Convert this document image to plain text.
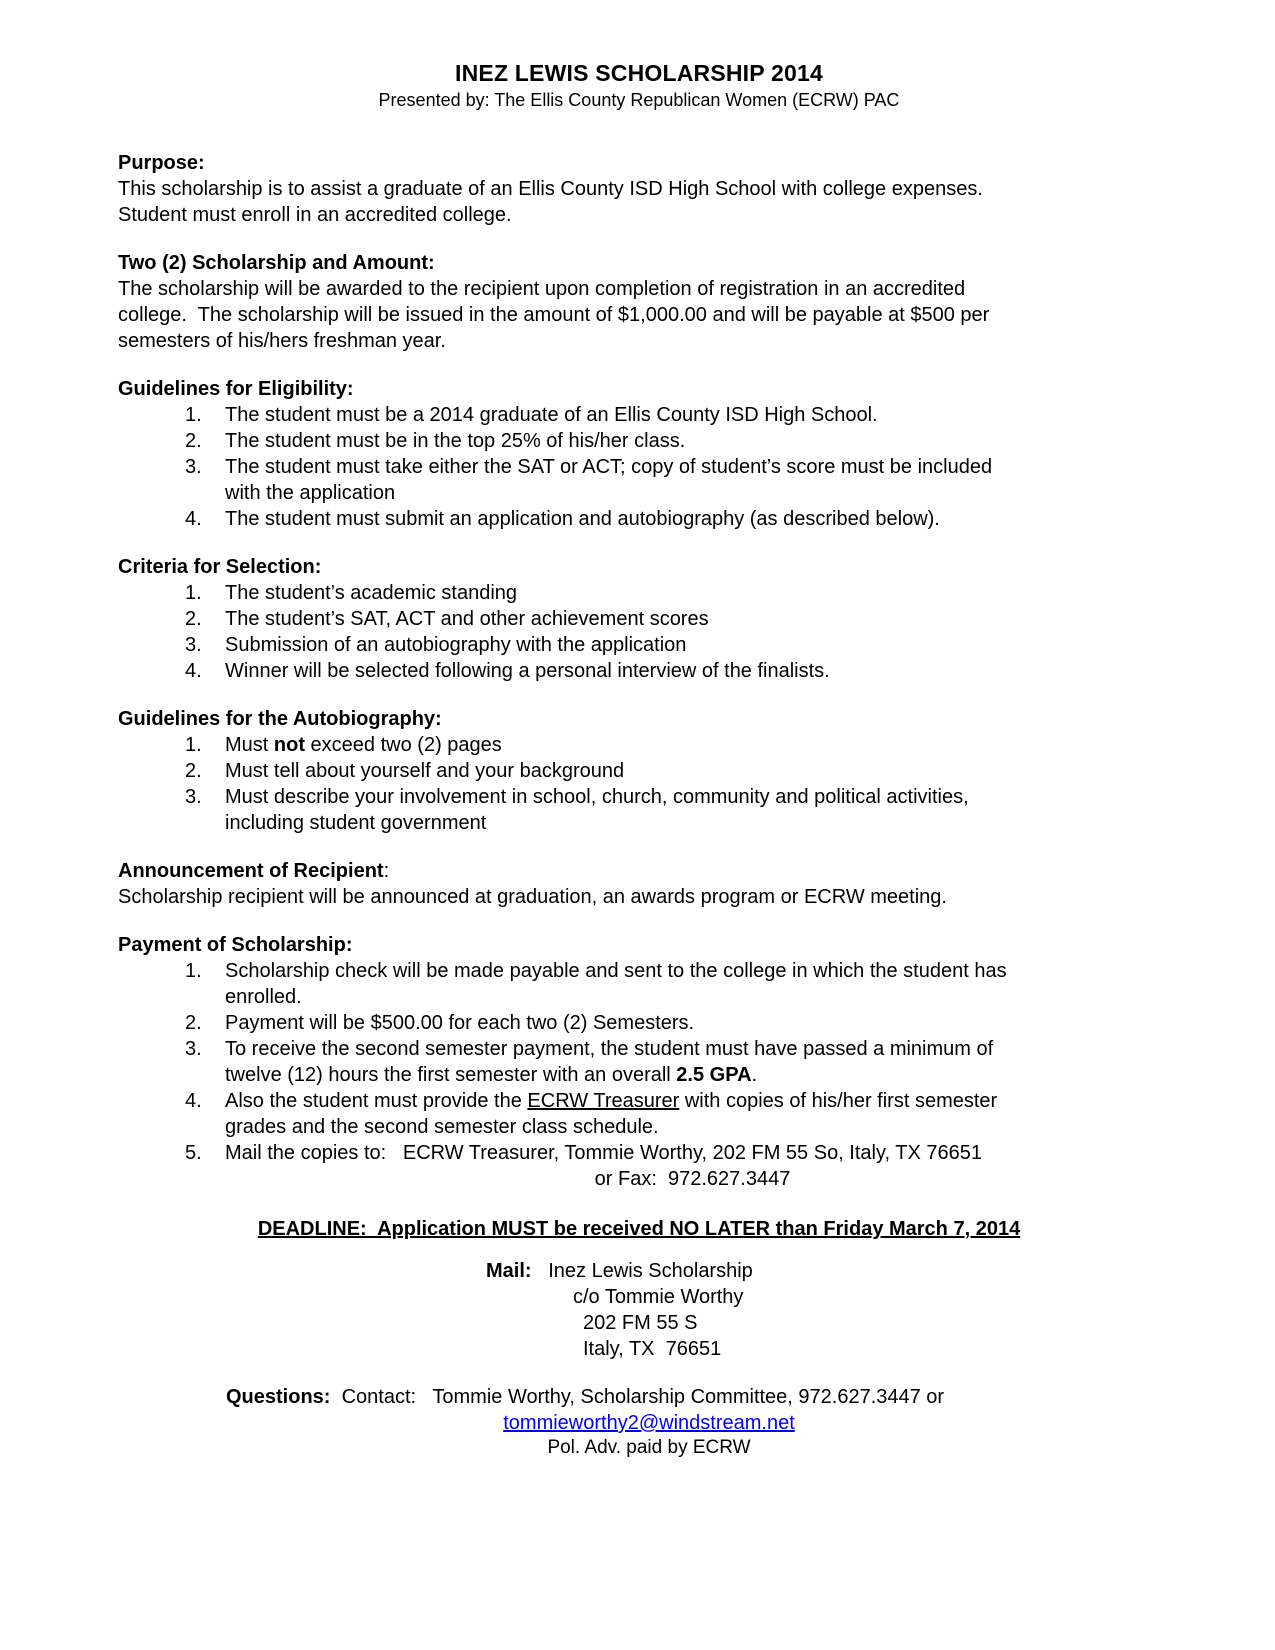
INEZ LEWIS SCHOLARSHIP 2014
Presented by: The Ellis County Republican Women (ECRW) PAC
Purpose:
This scholarship is to assist a graduate of an Ellis County ISD High School with college expenses.
Student must enroll in an accredited college.
Two (2) Scholarship and Amount:
The scholarship will be awarded to the recipient upon completion of registration in an accredited
college.  The scholarship will be issued in the amount of $1,000.00 and will be payable at $500 per
semesters of his/hers freshman year.
Guidelines for Eligibility:
1.	The student must be a 2014 graduate of an Ellis County ISD High School.
2.	The student must be in the top 25% of his/her class.
3.	The student must take either the SAT or ACT; copy of student’s score must be included
with the application
4.	The student must submit an application and autobiography (as described below).
Criteria for Selection:
1.	The student’s academic standing
2.	The student’s SAT, ACT and other achievement scores
3.	Submission of an autobiography with the application
4.	Winner will be selected following a personal interview of the finalists.
Guidelines for the Autobiography:
1.	Must not exceed two (2) pages
2.	Must tell about yourself and your background
3.	Must describe your involvement in school, church, community and political activities,
including student government
Announcement of Recipient:
Scholarship recipient will be announced at graduation, an awards program or ECRW meeting.
Payment of Scholarship:
1.	Scholarship check will be made payable and sent to the college in which the student has
enrolled.
2.	Payment will be $500.00 for each two (2) Semesters.
3.	To receive the second semester payment, the student must have passed a minimum of
twelve (12) hours the first semester with an overall 2.5 GPA.
4.	Also the student must provide the ECRW Treasurer with copies of his/her first semester
grades and the second semester class schedule.
5.	Mail the copies to:   ECRW Treasurer, Tommie Worthy, 202 FM 55 So, Italy, TX 76651
or Fax:  972.627.3447
DEADLINE:  Application MUST be received NO LATER than Friday March 7, 2014
Mail: Inez Lewis Scholarship
c/o Tommie Worthy
202 FM 55 S
Italy, TX  76651
Questions: Contact: Tommie Worthy, Scholarship Committee, 972.627.3447 or
tommieworthy2@windstream.net
Pol. Adv. paid by ECRW
